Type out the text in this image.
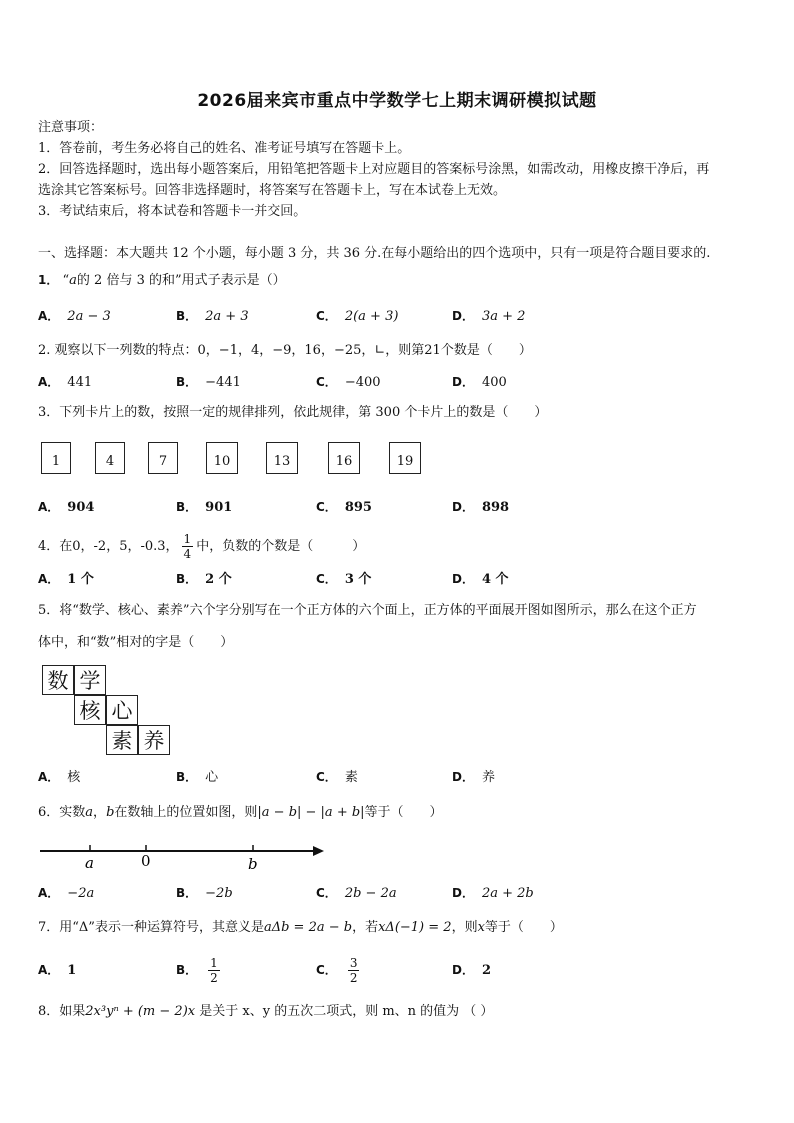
2026届来宾市重点中学数学七上期末调研模拟试题
注意事项：
1．答卷前，考生务必将自己的姓名、准考证号填写在答题卡上。
2．回答选择题时，选出每小题答案后，用铅笔把答题卡上对应题目的答案标号涂黑，如需改动，用橡皮擦干净后，再
选涂其它答案标号。回答非选择题时，将答案写在答题卡上，写在本试卷上无效。
3．考试结束后，将本试卷和答题卡一并交回。
一、选择题：本大题共 12 个小题，每小题 3 分，共 36 分.在每小题给出的四个选项中，只有一项是符合题目要求的.
1． “a的 2 倍与 3 的和”用式子表示是（）
A． 2a − 3	B． 2a + 3	C． 2(a + 3)	D． 3a + 2
2. 观察以下一列数的特点：0，−1，4，−9，16，−25，∟，则第21个数是（　　）
A． 441	B． −441	C． −400	D． 400
3．下列卡片上的数，按照一定的规律排列，依此规律，第 300 个卡片上的数是（　　）
1	4	7	10	13	16	19
A． 904	B． 901	C． 895	D． 898
4．在0，-2，5，-0.3， $\frac{1}{4}$ 中，负数的个数是（　　　）
A． 1 个	B． 2 个	C． 3 个	D． 4 个
5．将“数学、核心、素养”六个字分别写在一个正方体的六个面上，正方体的平面展开图如图所示，那么在这个正方
体中，和“数”相对的字是（　　）
数 学
核 心
素 养
A． 核	B． 心	C． 素	D． 养
6．实数a，b在数轴上的位置如图，则|a − b| − |a + b|等于（　　）
a	0	b
A． −2a	B． −2b	C． 2b − 2a	D． 2a + 2b
7．用“Δ”表示一种运算符号，其意义是aΔb = 2a − b，若xΔ(−1) = 2，则x等于（　　）
A． 1	B． $\frac{1}{2}$	C． $\frac{3}{2}$	D． 2
8．如果2x³yⁿ + (m − 2)x 是关于 x、y 的五次二项式，则 m、n 的值为 （ ）
